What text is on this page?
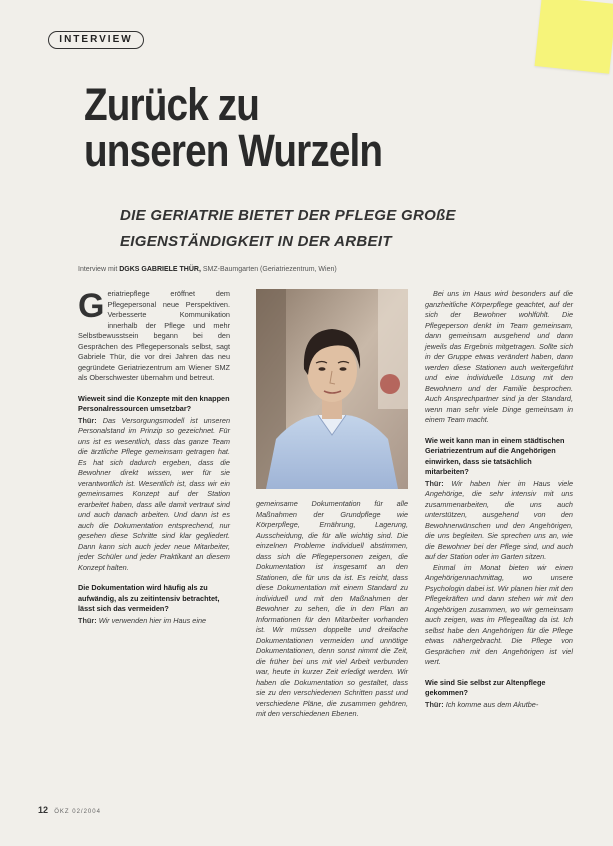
INTERVIEW
Zurück zu
unseren Wurzeln
DIE GERIATRIE BIETET DER PFLEGE GROßE
EIGENSTÄNDIGKEIT IN DER ARBEIT
Interview mit DGKS GABRIELE THÜR, SMZ-Baumgarten (Geriatriezentrum, Wien)

G eriatriepflege eröffnet dem Pflegepersonal neue Perspektiven. Verbesserte Kommunikation innerhalb der Pflege und mehr Selbstbewusstsein begann bei den Gesprächen des Pflegepersonals selbst, sagt Gabriele Thür, die vor drei Jahren das neu gegründete Geriatriezentrum am Wiener SMZ als Oberschwester übernahm und betreut.

Wieweit sind die Konzepte mit den knappen Personalressourcen umsetzbar?

Thür: Das Versorgungsmodell ist unseren Personalstand im Prinzip so gezeichnet. Für uns ist es wesentlich, dass das ganze Team die ärztliche Pflege gemeinsam getragen hat. Es hat sich dadurch ergeben, dass die Bewohner direkt wissen, wer für sie verantwortlich ist. Wesentlich ist, dass wir ein gemeinsames Konzept auf der Station erarbeitet haben, dass alle damit vertraut sind und auch danach arbeiten. Und dann ist es auch die Dokumentation entsprechend, nur gesehen diese Schritte sind klar gegliedert. Dann kann sich auch jeder neue Mitarbeiter, jeder Schüler und jeder Praktikant an diesem Konzept halten.

Die Dokumentation wird häufig als zu aufwändig, als zu zeitintensiv betrachtet, lässt sich das vermeiden?

Thür: Wir verwenden hier im Haus eine

gemeinsame Dokumentation für alle Maßnahmen der Grundpflege wie Körperpflege, Ernährung, Lagerung, Ausscheidung, die für alle wichtig sind. Die einzelnen Probleme individuell abstimmen, dass sich die Pflegepersonen zeigen, die Dokumentation ist insgesamt an den Stationen, die für uns da ist. Es reicht, dass diese Dokumentation mit einem Standard zu individuell und mit den Maßnahmen der Bewohner zu sehen, die in den Plan an Informationen für den Mitarbeiter vorhanden ist. Wir müssen doppelte und dreifache Dokumentationen vermeiden und unnötige Dokumentationen, denn sonst nimmt die Zeit, die früher bei uns mit viel Arbeit verbunden war, heute in kurzer Zeit erledigt werden. Wir haben die Dokumentation so gestaltet, dass sie zu den verschiedenen Schritten passt und verschiedene Pläne, die zusammen gehören, mit den verschiedenen Ebenen.

Bei uns im Haus wird besonders auf die ganzheitliche Körperpflege geachtet, auf der sich der Bewohner wohlfühlt. Die Pflegeperson denkt im Team gemeinsam, dann gemeinsam ausgehend und dann jeweils das Ergebnis mitgetragen. Sollte sich in der Gruppe etwas verändert haben, dann werden diese Stationen auch weitergeführt und eine individuelle Lösung mit den Bewohnern und der Familie besprochen. Auch Ansprechpartner sind ja der Standard, wenn man sehr viele Dinge gemeinsam in einem Team macht.

Wie weit kann man in einem städtischen Geriatriezentrum auf die Angehörigen einwirken, dass sie tatsächlich mitarbeiten?

Thür: Wir haben hier im Haus viele Angehörige, die sehr intensiv mit uns zusammenarbeiten, die uns auch unterstützen, ausgehend von den Bewohnerwünschen und den Angehörigen, die uns begleiten. Sie sprechen uns an, wie die Bewohner bei der Pflege sind, und auch auf der Station oder im Garten sitzen.

Einmal im Monat bieten wir einen Angehörigennachmittag, wo unsere Psychologin dabei ist. Wir planen hier mit den Pflegekräften und dann stehen wir mit den Angehörigen zusammen, wo wir gemeinsam auch zeigen, was im Pflegealltag da ist. Ich selbst habe den Angehörigen für die Pflege etwas nähergebracht. Die Pflege von Gesprächen mit den Angehörigen ist viel wert.

Wie sind Sie selbst zur Altenpflege gekommen?

Thür: Ich komme aus dem Akutbe-

12 ÖKZ 02/2004
